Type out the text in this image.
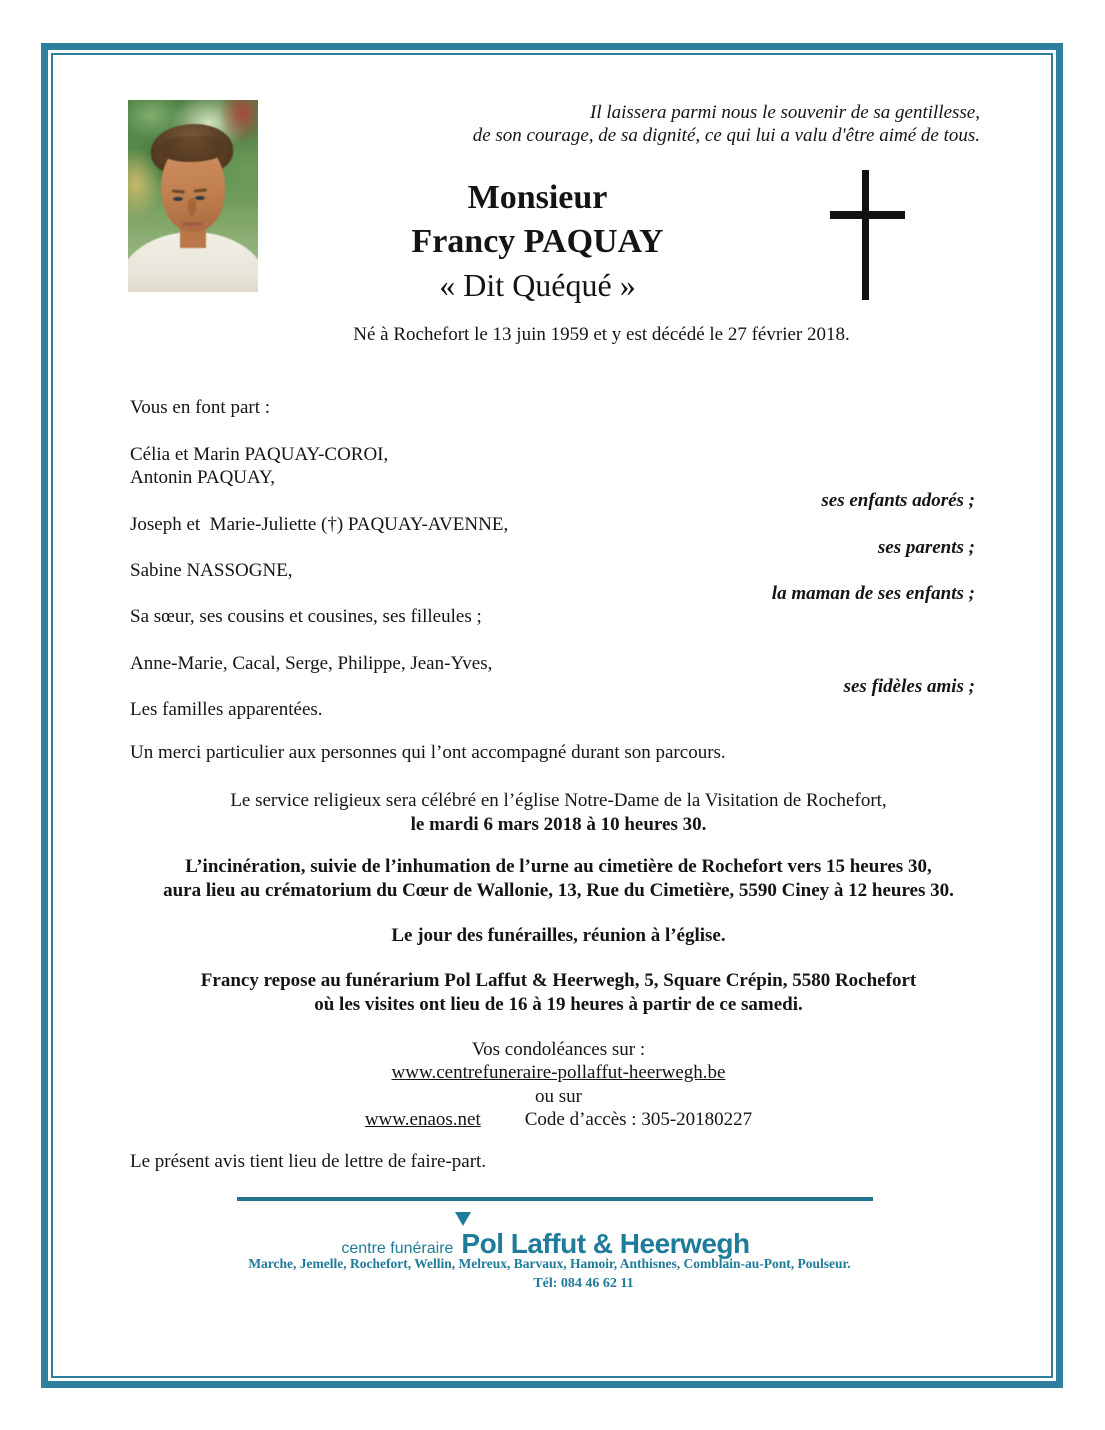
Il laissera parmi nous le souvenir de sa gentillesse,
de son courage, de sa dignité, ce qui lui a valu d'être aimé de tous.
Monsieur
Francy PAQUAY
« Dit Quéqué »
Né à Rochefort le 13 juin 1959 et y est décédé le 27 février 2018.
Vous en font part :
Célia et Marin PAQUAY-COROI,
Antonin PAQUAY,
ses enfants adorés ;
Joseph et  Marie-Juliette (†) PAQUAY-AVENNE,
ses parents ;
Sabine NASSOGNE,
la maman de ses enfants ;
Sa sœur, ses cousins et cousines, ses filleules ;
Anne-Marie, Cacal, Serge, Philippe, Jean-Yves,
ses fidèles amis ;
Les familles apparentées.
Un merci particulier aux personnes qui l’ont accompagné durant son parcours.
Le service religieux sera célébré en l’église Notre-Dame de la Visitation de Rochefort,
le mardi 6 mars 2018 à 10 heures 30.
L’incinération, suivie de l’inhumation de l’urne au cimetière de Rochefort vers 15 heures 30,
aura lieu au crématorium du Cœur de Wallonie, 13, Rue du Cimetière, 5590 Ciney à 12 heures 30.
Le jour des funérailles, réunion à l’église.
Francy repose au funérarium Pol Laffut & Heerwegh, 5, Square Crépin, 5580 Rochefort
où les visites ont lieu de 16 à 19 heures à partir de ce samedi.
Vos condoléances sur :
www.centrefuneraire-pollaffut-heerwegh.be
ou sur
www.enaos.net Code d’accès : 305-20180227
Le présent avis tient lieu de lettre de faire-part.
centre funéraire Pol Laffut & Heerwegh
Marche, Jemelle, Rochefort, Wellin, Melreux, Barvaux, Hamoir, Anthisnes, Comblain-au-Pont, Poulseur.
Tél: 084 46 62 11
